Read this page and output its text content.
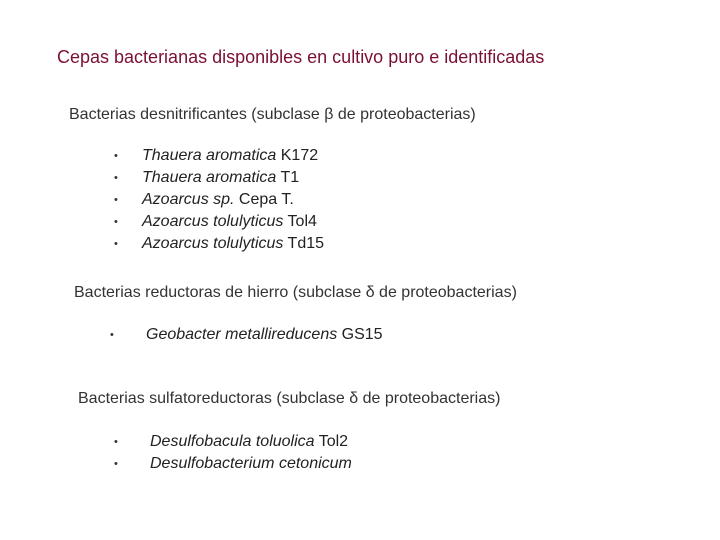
Cepas bacterianas disponibles en cultivo puro e identificadas
Bacterias desnitrificantes (subclase β de proteobacterias)
• Thauera aromatica K172
• Thauera aromatica T1
• Azoarcus sp. Cepa T.
• Azoarcus tolulyticus Tol4
• Azoarcus tolulyticus Td15
Bacterias reductoras de hierro (subclase δ de proteobacterias)
• Geobacter metallireducens GS15
Bacterias sulfatoreductoras (subclase δ de proteobacterias)
• Desulfobacula toluolica Tol2
• Desulfobacterium cetonicum
